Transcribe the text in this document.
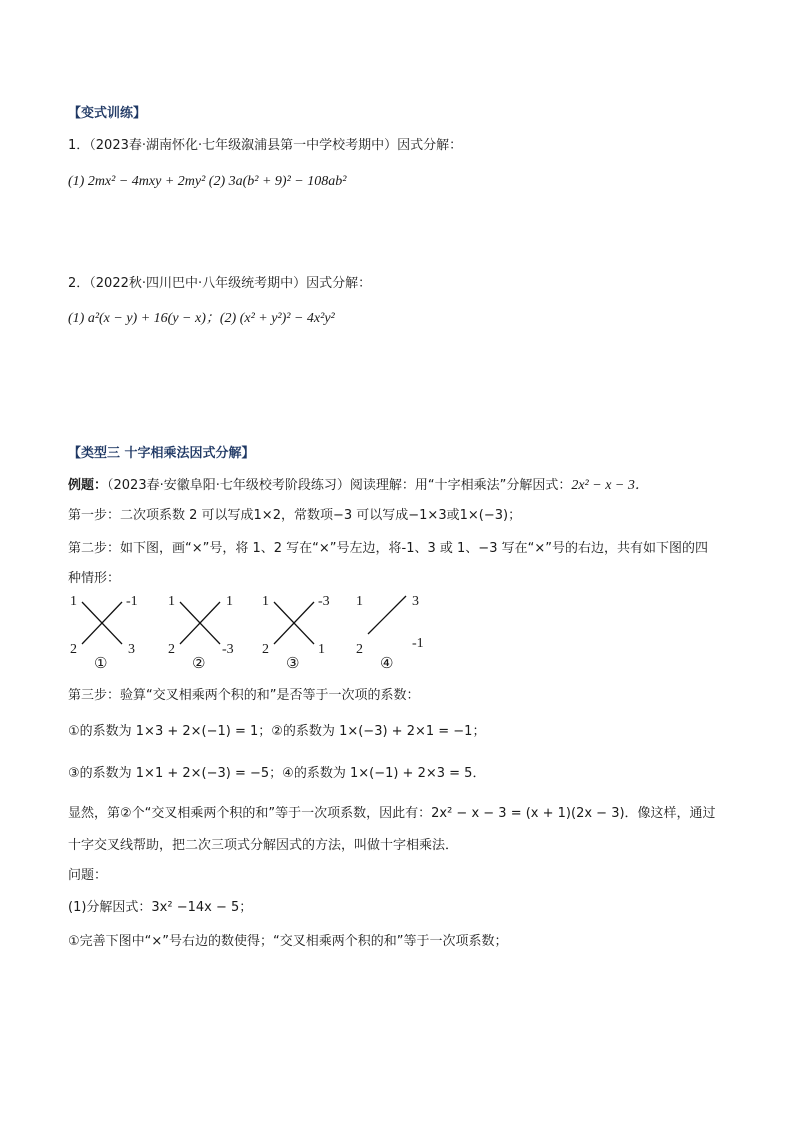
【变式训练】
1．（2023春·湖南怀化·七年级溆浦县第一中学校考期中）因式分解：
(1) 2mx² − 4mxy + 2my² (2) 3a(b² + 9)² − 108ab²
2．（2022秋·四川巴中·八年级统考期中）因式分解：
(1) a²(x − y) + 16(y − x)；(2) (x² + y²)² − 4x²y²
【类型三 十字相乘法因式分解】
例题：（2023春·安徽阜阳·七年级校考阶段练习）阅读理解：用“十字相乘法”分解因式：2x² − x − 3．
第一步：二次项系数 2 可以写成1×2，常数项−3 可以写成−1×3或1×(−3)；
第二步：如下图，画“×”号，将 1、2 写在“×”号左边，将-1、3 或 1、−3 写在“×”号的右边，共有如下图的四
种情形：
1	-1
2	3
①
1	1
2	-3
②
1	-3
2	1
③
1	3
2	-1
④
第三步：验算“交叉相乘两个积的和”是否等于一次项的系数：
①的系数为 1×3 + 2×(−1) = 1；②的系数为 1×(−3) + 2×1 = −1；
③的系数为 1×1 + 2×(−3) = −5；④的系数为 1×(−1) + 2×3 = 5．
显然，第②个“交叉相乘两个积的和”等于一次项系数，因此有：2x² − x − 3 = (x + 1)(2x − 3)．像这样，通过
十字交叉线帮助，把二次三项式分解因式的方法，叫做十字相乘法．
问题：
(1)分解因式：3x² −14x − 5；
①完善下图中“×”号右边的数使得；“交叉相乘两个积的和”等于一次项系数；
